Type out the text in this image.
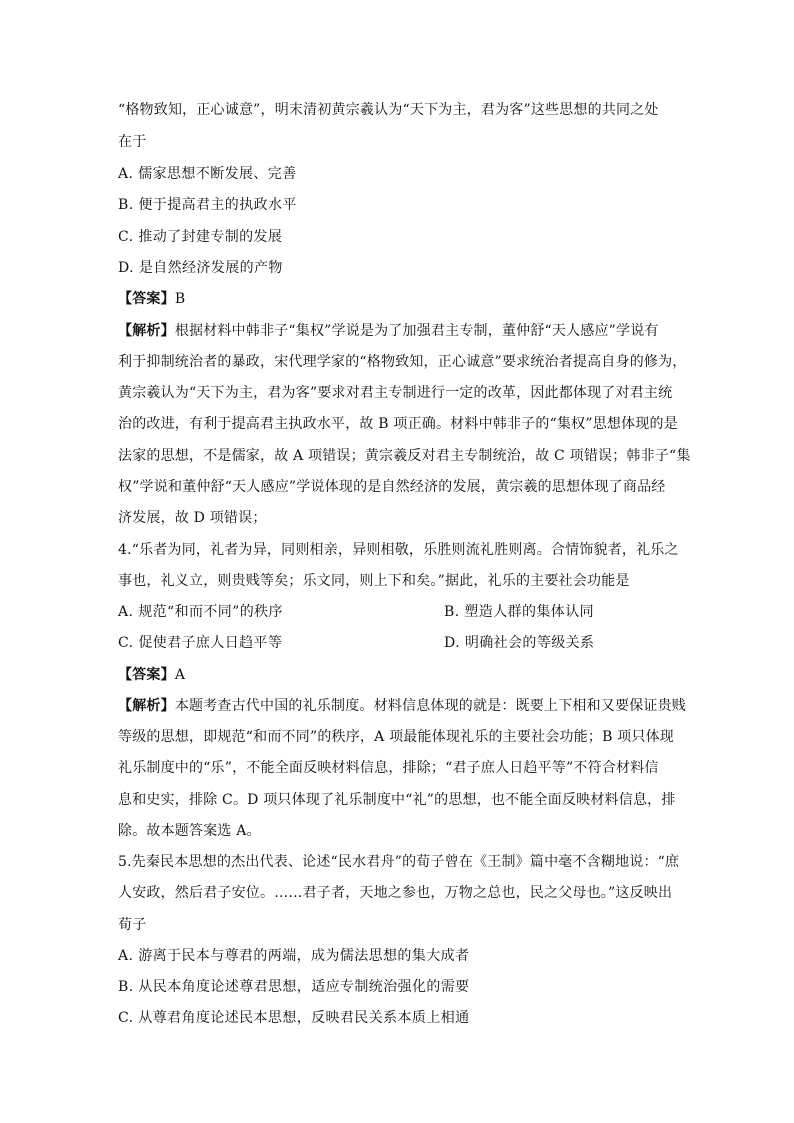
“格物致知，正心诚意”，明末清初黄宗羲认为“天下为主，君为客”这些思想的共同之处
在于
A. 儒家思想不断发展、完善
B. 便于提高君主的执政水平
C. 推动了封建专制的发展
D. 是自然经济发展的产物
【答案】B
【解析】根据材料中韩非子“集权”学说是为了加强君主专制，董仲舒“天人感应”学说有
利于抑制统治者的暴政，宋代理学家的“格物致知，正心诚意”要求统治者提高自身的修为，
黄宗羲认为“天下为主，君为客”要求对君主专制进行一定的改革，因此都体现了对君主统
治的改进，有利于提高君主执政水平，故 B 项正确。材料中韩非子的“集权”思想体现的是
法家的思想，不是儒家，故 A 项错误；黄宗羲反对君主专制统治，故 C 项错误；韩非子“集
权”学说和董仲舒“天人感应”学说体现的是自然经济的发展，黄宗羲的思想体现了商品经
济发展，故 D 项错误；
4.“乐者为同，礼者为异，同则相亲，异则相敬，乐胜则流礼胜则离。合情饰貌者，礼乐之
事也，礼义立，则贵贱等矣；乐文同，则上下和矣。”据此，礼乐的主要社会功能是
A. 规范“和而不同”的秩序	B. 塑造人群的集体认同
C. 促使君子庶人日趋平等	D. 明确社会的等级关系
【答案】A
【解析】本题考查古代中国的礼乐制度。材料信息体现的就是：既要上下相和又要保证贵贱
等级的思想，即规范“和而不同”的秩序，A 项最能体现礼乐的主要社会功能；B 项只体现
礼乐制度中的“乐”，不能全面反映材料信息，排除；“君子庶人日趋平等”不符合材料信
息和史实，排除 C。D 项只体现了礼乐制度中“礼”的思想，也不能全面反映材料信息，排
除。故本题答案选 A。
5.先秦民本思想的杰出代表、论述“民水君舟”的荀子曾在《王制》篇中毫不含糊地说：“庶
人安政，然后君子安位。……君子者，天地之参也，万物之总也，民之父母也。”这反映出
荀子
A. 游离于民本与尊君的两端，成为儒法思想的集大成者
B. 从民本角度论述尊君思想，适应专制统治强化的需要
C. 从尊君角度论述民本思想，反映君民关系本质上相通
